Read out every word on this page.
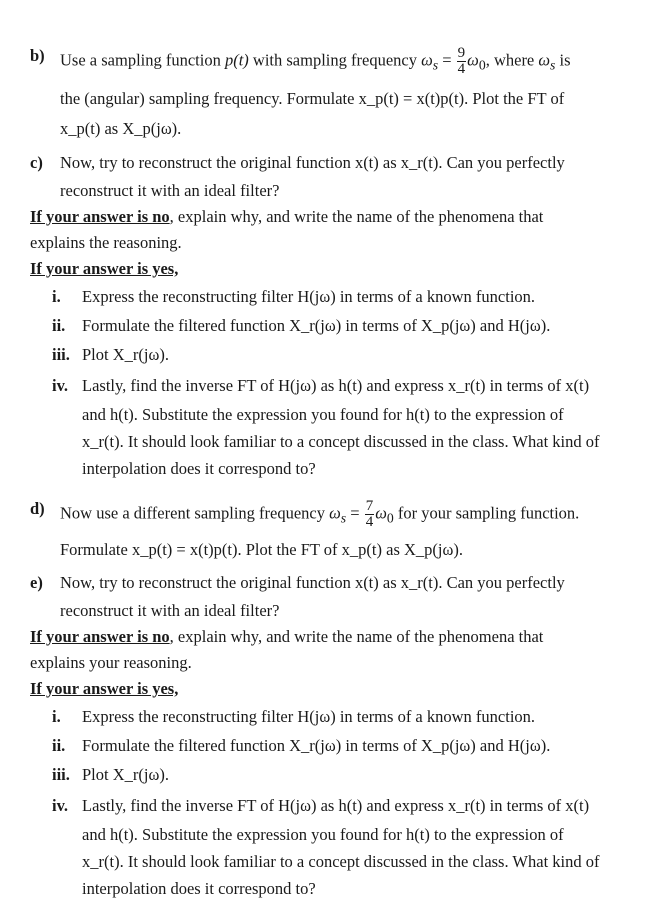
b) Use a sampling function p(t) with sampling frequency $\omega_s = \frac{9}{4} \omega_0$, where $\omega_s$ is
the (angular) sampling frequency. Formulate x_p(t) = x(t)p(t). Plot the FT of
x_p(t) as X_p(jω).
c) Now, try to reconstruct the original function x(t) as x_r(t). Can you perfectly
reconstruct it with an ideal filter?
If your answer is no, explain why, and write the name of the phenomena that
explains the reasoning.
If your answer is yes,
i. Express the reconstructing filter H(jω) in terms of a known function.
ii. Formulate the filtered function X_r(jω) in terms of X_p(jω) and H(jω).
iii. Plot X_r(jω).
iv. Lastly, find the inverse FT of H(jω) as h(t) and express x_r(t) in terms of x(t)
and h(t). Substitute the expression you found for h(t) to the expression of
x_r(t). It should look familiar to a concept discussed in the class. What kind of
interpolation does it correspond to?
d) Now use a different sampling frequency $\omega_s = \frac{7}{4} \omega_0$ for your sampling function.
Formulate x_p(t) = x(t)p(t). Plot the FT of x_p(t) as X_p(jω).
e) Now, try to reconstruct the original function x(t) as x_r(t). Can you perfectly
reconstruct it with an ideal filter?
If your answer is no, explain why, and write the name of the phenomena that
explains your reasoning.
If your answer is yes,
i. Express the reconstructing filter H(jω) in terms of a known function.
ii. Formulate the filtered function X_r(jω) in terms of X_p(jω) and H(jω).
iii. Plot X_r(jω).
iv. Lastly, find the inverse FT of H(jω) as h(t) and express x_r(t) in terms of x(t)
and h(t). Substitute the expression you found for h(t) to the expression of
x_r(t). It should look familiar to a concept discussed in the class. What kind of
interpolation does it correspond to?
